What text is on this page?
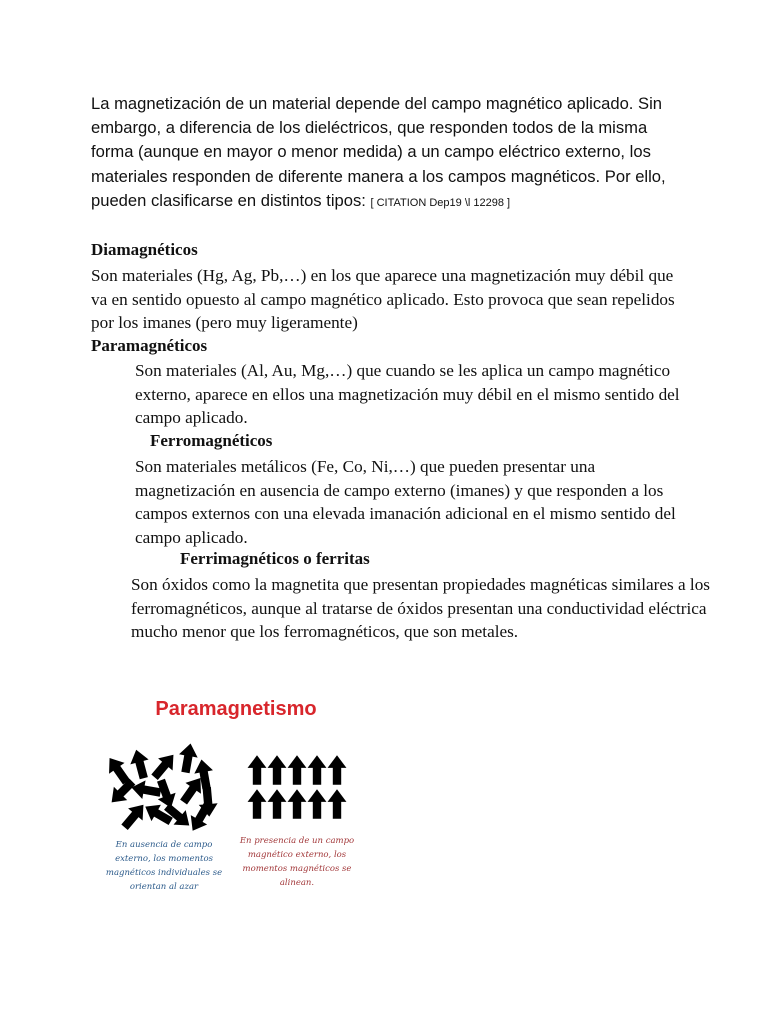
La magnetización de un material depende del campo magnético aplicado. Sin embargo, a diferencia de los dieléctricos, que responden todos de la misma forma (aunque en mayor o menor medida) a un campo eléctrico externo, los materiales responden de diferente manera a los campos magnéticos. Por ello, pueden clasificarse en distintos tipos: [ CITATION Dep19 \l 12298 ]
Diamagnéticos
Son materiales (Hg, Ag, Pb,…) en los que aparece una magnetización muy débil que va en sentido opuesto al campo magnético aplicado. Esto provoca que sean repelidos por los imanes (pero muy ligeramente)
Paramagnéticos
Son materiales (Al, Au, Mg,…) que cuando se les aplica un campo magnético externo, aparece en ellos una magnetización muy débil en el mismo sentido del campo aplicado.
Ferromagnéticos
Son materiales metálicos (Fe, Co, Ni,…) que pueden presentar una magnetización en ausencia de campo externo (imanes) y que responden a los campos externos con una elevada imanación adicional en el mismo sentido del campo aplicado.
Ferrimagnéticos o ferritas
Son óxidos como la magnetita que presentan propiedades magnéticas similares a los ferromagnéticos, aunque al tratarse de óxidos presentan una conductividad eléctrica mucho menor que los ferromagnéticos, que son metales.
Paramagnetismo
En ausencia de campo externo, los momentos magnéticos individuales se orientan al azar
En presencia de un campo magnético externo, los momentos magnéticos se alinean.
